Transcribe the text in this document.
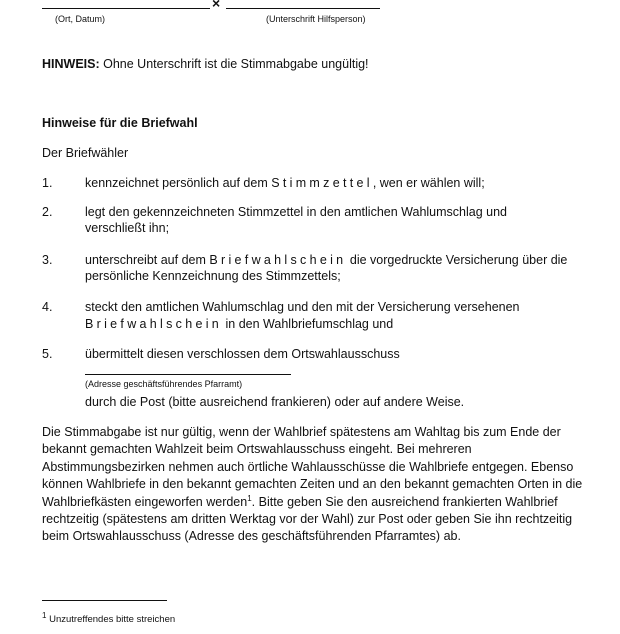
×
(Ort, Datum)	(Unterschrift Hilfsperson)
HINWEIS: Ohne Unterschrift ist die Stimmabgabe ungültig!
Hinweise für die Briefwahl
Der Briefwähler
1.	kennzeichnet persönlich auf dem Stimmzettel, wen er wählen will;
2.	legt den gekennzeichneten Stimmzettel in den amtlichen Wahlumschlag und verschließt ihn;
3.	unterschreibt auf dem Briefwahlschein die vorgedruckte Versicherung über die persönliche Kennzeichnung des Stimmzettels;
4.	steckt den amtlichen Wahlumschlag und den mit der Versicherung versehenen
Briefwahlschein in den Wahlbriefumschlag und
5.	übermittelt diesen verschlossen dem Ortswahlausschuss
(Adresse geschäftsführendes Pfarramt)
durch die Post (bitte ausreichend frankieren) oder auf andere Weise.
Die Stimmabgabe ist nur gültig, wenn der Wahlbrief spätestens am Wahltag bis zum Ende der bekannt gemachten Wahlzeit beim Ortswahlausschuss eingeht. Bei mehreren Abstimmungsbezirken nehmen auch örtliche Wahlausschüsse die Wahlbriefe entgegen. Ebenso können Wahlbriefe in den bekannt gemachten Zeiten und an den bekannt gemachten Orten in die Wahlbriefkästen eingeworfen werden$^1$. Bitte geben Sie den ausreichend frankierten Wahlbrief rechtzeitig (spätestens am dritten Werktag vor der Wahl) zur Post oder geben Sie ihn rechtzeitig beim Ortswahlausschuss (Adresse des geschäftsführenden Pfarramtes) ab.
$^1$ Unzutreffendes bitte streichen
